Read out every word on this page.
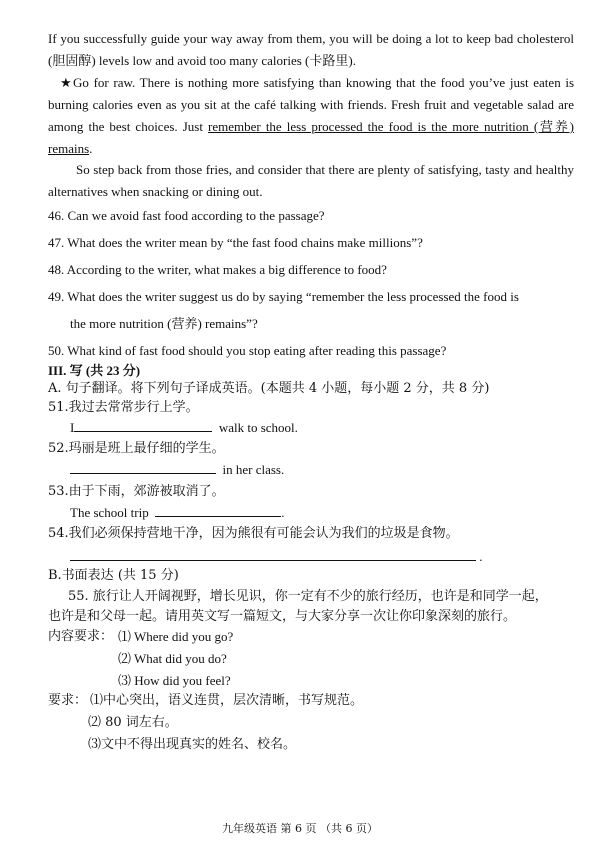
If you successfully guide your way away from them, you will be doing a lot to keep bad cholesterol (胆固醇) levels low and avoid too many calories (卡路里).

★Go for raw. There is nothing more satisfying than knowing that the food you’ve just eaten is burning calories even as you sit at the café talking with friends. Fresh fruit and vegetable salad are among the best choices. Just remember the less processed the food is the more nutrition (营养) remains.

So step back from those fries, and consider that there are plenty of satisfying, tasty and healthy alternatives when snacking or dining out.

46. Can we avoid fast food according to the passage?

47. What does the writer mean by “the fast food chains make millions”?

48. According to the writer, what makes a big difference to food?

49. What does the writer suggest us do by saying “remember the less processed the food is

the more nutrition (营养) remains”?

50. What kind of fast food should you stop eating after reading this passage?

III. 写 (共 23 分)

A. 句子翻译。将下列句子译成英语。(本题共 4 小题，每小题 2 分，共 8 分)

51.我过去常常步行上学。

I	walk to school.

52.玛丽是班上最仔细的学生。

in her class.

53.由于下雨，郊游被取消了。

The school trip	.

54.我们必须保持营地干净，因为熊很有可能会认为我们的垃圾是食物。

.

B.书面表达 (共 15 分)

55. 旅行让人开阔视野，增长见识，你一定有不少的旅行经历，也许是和同学一起，

也许是和父母一起。请用英文写一篇短文，与大家分享一次让你印象深刻的旅行。

内容要求： ⑴ Where did you go?

⑵ What did you do?

⑶ How did you feel?

要求： ⑴中心突出，语义连贯，层次清晰，书写规范。

⑵ 80 词左右。

⑶文中不得出现真实的姓名、校名。

九年级英语 第 6 页 （共 6 页）
